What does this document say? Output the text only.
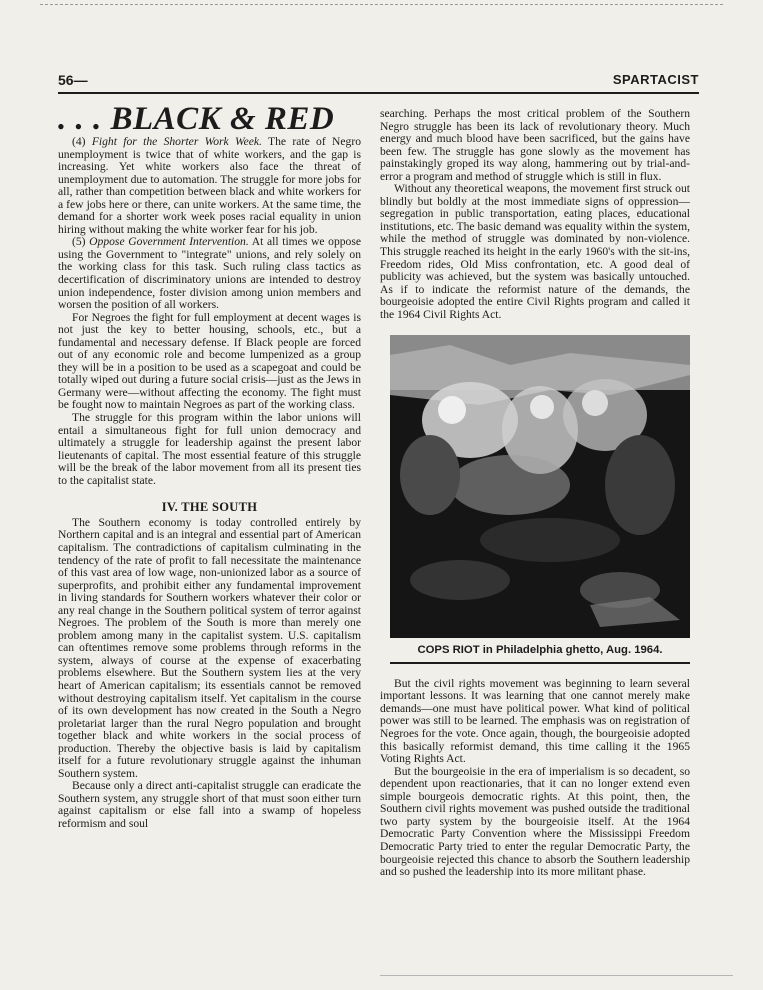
56—	SPARTACIST
. . . BLACK & RED

(4) Fight for the Shorter Work Week. The rate of Negro unemployment is twice that of white workers, and the gap is increasing. Yet white workers also face the threat of unemployment due to automation. The struggle for more jobs for all, rather than competition between black and white workers for a few jobs here or there, can unite workers. At the same time, the demand for a shorter work week poses racial equality in union hiring without making the white worker fear for his job.

(5) Oppose Government Intervention. At all times we oppose using the Government to "integrate" unions, and rely solely on the working class for this task. Such ruling class tactics as decertification of discriminatory unions are intended to destroy union independence, foster division among union members and worsen the position of all workers.

For Negroes the fight for full employment at decent wages is not just the key to better housing, schools, etc., but a fundamental and necessary defense. If Black people are forced out of any economic role and become lumpenized as a group they will be in a position to be used as a scapegoat and could be totally wiped out during a future social crisis—just as the Jews in Germany were—without affecting the economy. The fight must be fought now to maintain Negroes as part of the working class.

The struggle for this program within the labor unions will entail a simultaneous fight for full union democracy and ultimately a struggle for leadership against the present labor lieutenants of capital. The most essential feature of this struggle will be the break of the labor movement from all its present ties to the capitalist state.

IV. THE SOUTH

The Southern economy is today controlled entirely by Northern capital and is an integral and essential part of American capitalism. The contradictions of capitalism culminating in the tendency of the rate of profit to fall necessitate the maintenance of this vast area of low wage, non-unionized labor as a source of superprofits, and prohibit either any fundamental improvement in living standards for Southern workers whatever their color or any real change in the Southern political system of terror against Negroes. The problem of the South is more than merely one problem among many in the capitalist system. U.S. capitalism can oftentimes remove some problems through reforms in the system, always of course at the expense of exacerbating problems elsewhere. But the Southern system lies at the very heart of American capitalism; its essentials cannot be removed without destroying capitalism itself. Yet capitalism in the course of its own development has now created in the South a Negro proletariat larger than the rural Negro population and brought together black and white workers in the social process of production. Thereby the objective basis is laid by capitalism itself for a future revolutionary struggle against the inhuman Southern system.

Because only a direct anti-capitalist struggle can eradicate the Southern system, any struggle short of that must soon either turn against capitalism or else fall into a swamp of hopeless reformism and soul

searching. Perhaps the most critical problem of the Southern Negro struggle has been its lack of revolutionary theory. Much energy and much blood have been sacrificed, but the gains have been few. The struggle has gone slowly as the movement has painstakingly groped its way along, hammering out by trial-and-error a program and method of struggle which is still in flux.

Without any theoretical weapons, the movement first struck out blindly but boldly at the most immediate signs of oppression—segregation in public transportation, eating places, educational institutions, etc. The basic demand was equality within the system, while the method of struggle was dominated by non-violence. This struggle reached its height in the early 1960's with the sit-ins, Freedom rides, Old Miss confrontation, etc. A good deal of publicity was achieved, but the system was basically untouched. As if to indicate the reformist nature of the demands, the bourgeoisie adopted the entire Civil Rights program and called it the 1964 Civil Rights Act.

COPS RIOT in Philadelphia ghetto, Aug. 1964.

But the civil rights movement was beginning to learn several important lessons. It was learning that one cannot merely make demands—one must have political power. What kind of political power was still to be learned. The emphasis was on registration of Negroes for the vote. Once again, though, the bourgeoisie adopted this basically reformist demand, this time calling it the 1965 Voting Rights Act.

But the bourgeoisie in the era of imperialism is so decadent, so dependent upon reactionaries, that it can no longer extend even simple bourgeois democratic rights. At this point, then, the Southern civil rights movement was pushed outside the traditional two party system by the bourgeoisie itself. At the 1964 Democratic Party Convention where the Mississippi Freedom Democratic Party tried to enter the regular Democratic Party, the bourgeoisie rejected this chance to absorb the Southern leadership and so pushed the leadership into its more militant phase.
